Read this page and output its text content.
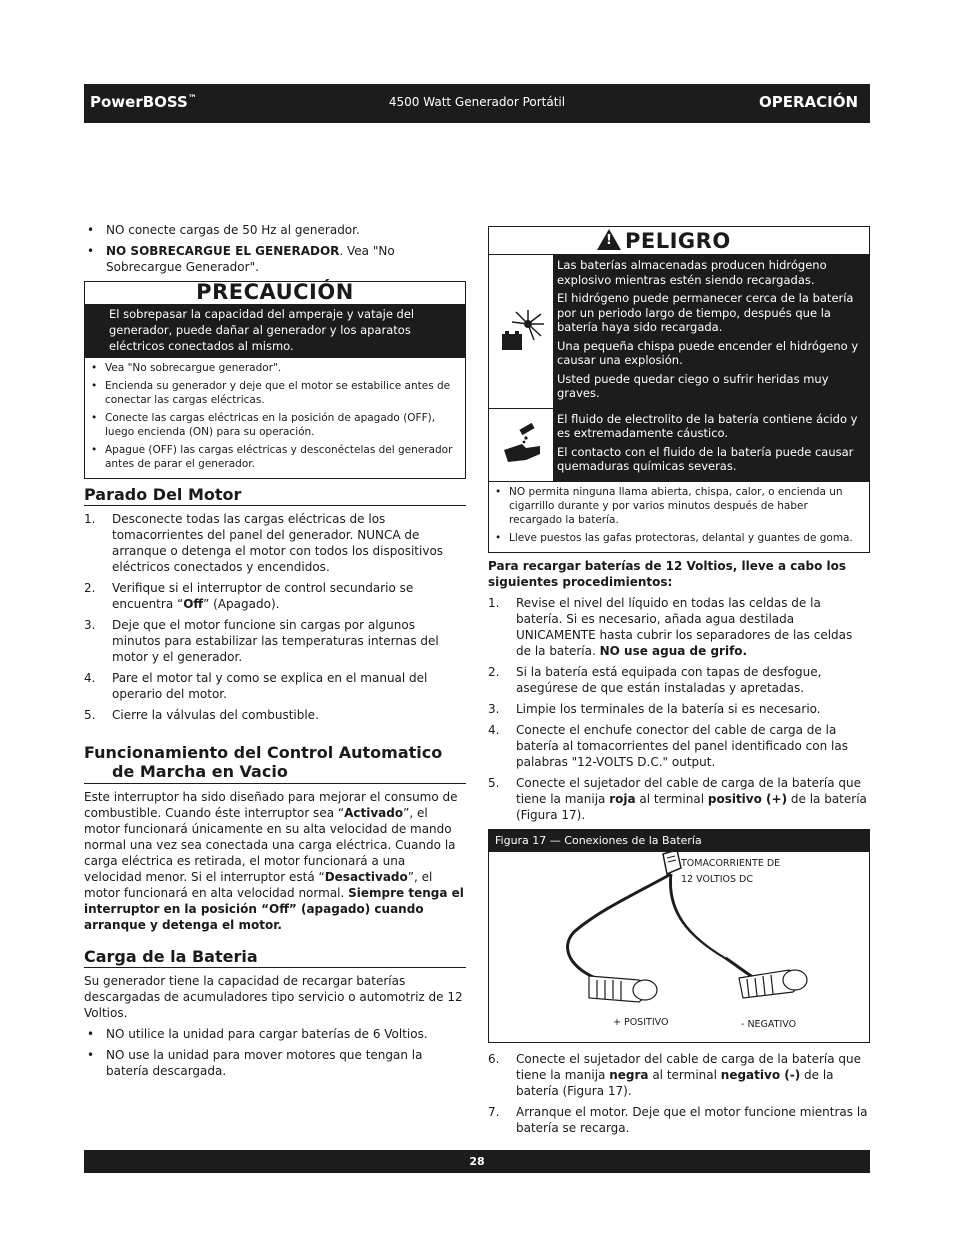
PowerBOSS™	4500 Watt Generador Portátil	OPERACIÓN
• NO conecte cargas de 50 Hz al generador.
• NO SOBRECARGUE EL GENERADOR. Vea "No Sobrecargue Generador".
PRECAUCIÓN
El sobrepasar la capacidad del amperaje y vataje del generador, puede dañar al generador y los aparatos eléctricos conectados al mismo.
• Vea "No sobrecargue generador".
• Encienda su generador y deje que el motor se estabilice antes de conectar las cargas eléctricas.
• Conecte las cargas eléctricas en la posición de apagado (OFF), luego encienda (ON) para su operación.
• Apague (OFF) las cargas eléctricas y desconéctelas del generador antes de parar el generador.
Parado Del Motor
1. Desconecte todas las cargas eléctricas de los tomacorrientes del panel del generador. NUNCA de arranque o detenga el motor con todos los dispositivos eléctricos conectados y encendidos.
2. Verifique si el interruptor de control secundario se encuentra “Off” (Apagado).
3. Deje que el motor funcione sin cargas por algunos minutos para estabilizar las temperaturas internas del motor y el generador.
4. Pare el motor tal y como se explica en el manual del operario del motor.
5. Cierre la válvulas del combustible.
Funcionamiento del Control Automatico de Marcha en Vacio

Este interruptor ha sido diseñado para mejorar el consumo de combustible. Cuando éste interruptor sea “Activado”, el motor funcionará únicamente en su alta velocidad de mando normal una vez sea conectada una carga eléctrica. Cuando la carga eléctrica es retirada, el motor funcionará a una velocidad menor. Si el interruptor está “Desactivado”, el motor funcionará en alta velocidad normal. Siempre tenga el interruptor en la posición “Off” (apagado) cuando arranque y detenga el motor.

Carga de la Bateria

Su generador tiene la capacidad de recargar baterías descargadas de acumuladores tipo servicio o automotriz de 12 Voltios.

• NO utilice la unidad para cargar baterías de 6 Voltios.
• NO use la unidad para mover motores que tengan la batería descargada.
! PELIGRO

Las baterías almacenadas producen hidrógeno explosivo mientras estén siendo recargadas.

El hidrógeno puede permanecer cerca de la batería por un periodo largo de tiempo, después que la batería haya sido recargada.

Una pequeña chispa puede encender el hidrógeno y causar una explosión.

Usted puede quedar ciego o sufrir heridas muy graves.

El fluido de electrolito de la batería contiene ácido y es extremadamente cáustico.

El contacto con el fluido de la batería puede causar quemaduras químicas severas.

• NO permita ninguna llama abierta, chispa, calor, o encienda un cigarrillo durante y por varios minutos después de haber recargado la batería.
• Lleve puestos las gafas protectoras, delantal y guantes de goma.

Para recargar baterías de 12 Voltios, lleve a cabo los siguientes procedimientos:

1. Revise el nivel del líquido en todas las celdas de la batería. Si es necesario, añada agua destilada UNICAMENTE hasta cubrir los separadores de las celdas de la batería. NO use agua de grifo.
2. Si la batería está equipada con tapas de desfogue, asegúrese de que están instaladas y apretadas.
3. Limpie los terminales de la batería si es necesario.
4. Conecte el enchufe conector del cable de carga de la batería al tomacorrientes del panel identificado con las palabras "12-VOLTS D.C." output.
5. Conecte el sujetador del cable de carga de la batería que tiene la manija roja al terminal positivo (+) de la batería (Figura 17).
Figura 17 — Conexiones de la Batería
TOMACORRIENTE DE
12 VOLTIOS DC
+ POSITIVO	- NEGATIVO
6. Conecte el sujetador del cable de carga de la batería que tiene la manija negra al terminal negativo (-) de la batería (Figura 17).
7. Arranque el motor. Deje que el motor funcione mientras la batería se recarga.
28
